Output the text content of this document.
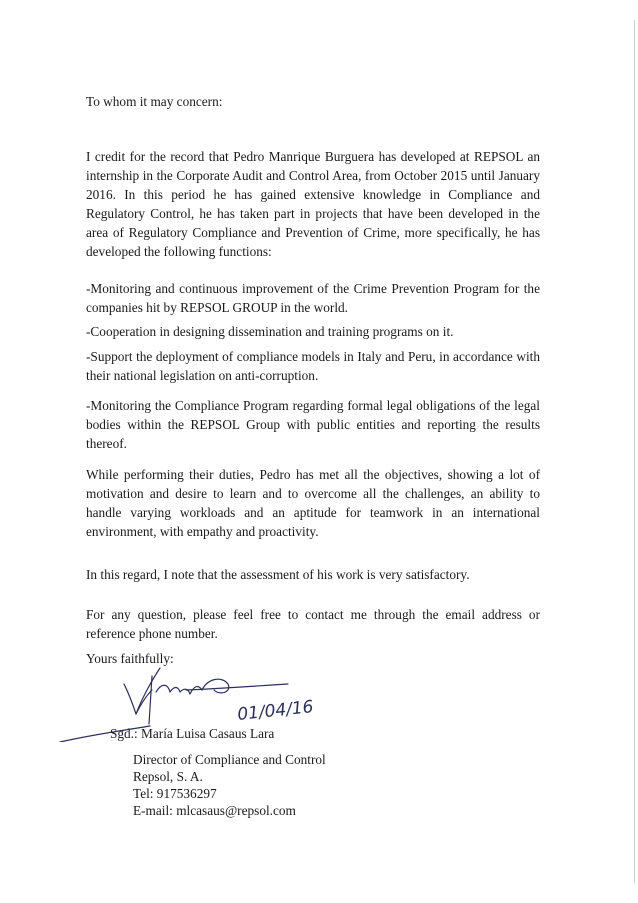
To whom it may concern:

I credit for the record that Pedro Manrique Burguera has developed at REPSOL an internship in the Corporate Audit and Control Area, from October 2015 until January 2016. In this period he has gained extensive knowledge in Compliance and Regulatory Control, he has taken part in projects that have been developed in the area of Regulatory Compliance and Prevention of Crime, more specifically, he has developed the following functions:

-Monitoring and continuous improvement of the Crime Prevention Program for the companies hit by REPSOL GROUP in the world.

-Cooperation in designing dissemination and training programs on it.

-Support the deployment of compliance models in Italy and Peru, in accordance with their national legislation on anti-corruption.

-Monitoring the Compliance Program regarding formal legal obligations of the legal bodies within the REPSOL Group with public entities and reporting the results thereof.

While performing their duties, Pedro has met all the objectives, showing a lot of motivation and desire to learn and to overcome all the challenges, an ability to handle varying workloads and an aptitude for teamwork in an international environment, with empathy and proactivity.

In this regard, I note that the assessment of his work is very satisfactory.

For any question, please feel free to contact me through the email address or reference phone number.

Yours faithfully:

01/04/16
Sgd.: María Luisa Casaus Lara
Director of Compliance and Control
Repsol, S. A.
Tel: 917536297
E-mail: mlcasaus@repsol.com
